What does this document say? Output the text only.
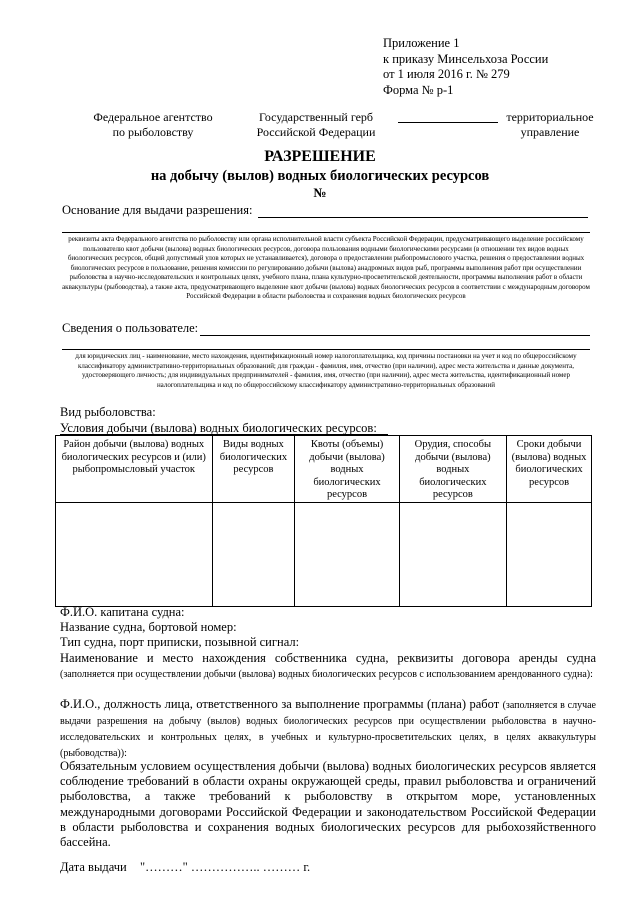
Приложение 1
к приказу Минсельхоза России
от 1 июля 2016 г. № 279
Форма № р-1
Федеральное агентство
по рыболовству
Государственный герб
Российской Федерации
территориальное
управление
РАЗРЕШЕНИЕ
на добычу (вылов) водных биологических ресурсов
№
Основание для выдачи разрешения:
реквизиты акта Федерального агентства по рыболовству или органа исполнительной власти субъекта Российской Федерации, предусматривающего выделение российскому пользователю квот добычи (вылова) водных биологических ресурсов, договора пользования водными биологическими ресурсами (в отношении тех видов водных биологических ресурсов, общий допустимый улов которых не устанавливается), договора о предоставлении рыбопромыслового участка, решения о предоставлении водных биологических ресурсов в пользование, решения комиссии по регулированию добычи (вылова) анадромных видов рыб, программы выполнения работ при осуществлении рыболовства в научно-исследовательских и контрольных целях, учебного плана, плана культурно-просветительской деятельности, программы выполнения работ в области аквакультуры (рыбоводства), а также акта, предусматривающего выделение квот добычи (вылова) водных биологических ресурсов в соответствии с международным договором Российской Федерации в области рыболовства и сохранения водных биологических ресурсов
Сведения о пользователе:
для юридических лиц - наименование, место нахождения, идентификационный номер налогоплательщика, код причины постановки на учет и код по общероссийскому классификатору административно-территориальных образований; для граждан - фамилия, имя, отчество (при наличии), адрес места жительства и данные документа, удостоверяющего личность; для индивидуальных предпринимателей - фамилия, имя, отчество (при наличии), адрес места жительства, идентификационный номер налогоплательщика и код по общероссийскому классификатору административно-территориальных образований
Вид рыболовства:
Условия добычи (вылова) водных биологических ресурсов:
Район добычи (вылова) водных биологических ресурсов и (или) рыбопромысловый участок	Виды водных биологических ресурсов	Квоты (объемы) добычи (вылова) водных биологических ресурсов	Орудия, способы добычи (вылова) водных биологических ресурсов	Сроки добычи (вылова) водных биологических ресурсов

Ф.И.О. капитана судна:
Название судна, бортовой номер:
Тип судна, порт приписки, позывной сигнал:
Наименование и место нахождения собственника судна, реквизиты договора аренды судна (заполняется при осуществлении добычи (вылова) водных биологических ресурсов с использованием арендованного судна):
Ф.И.О., должность лица, ответственного за выполнение программы (плана) работ (заполняется в случае выдачи разрешения на добычу (вылов) водных биологических ресурсов при осуществлении рыболовства в научно-исследовательских и контрольных целях, в учебных и культурно-просветительских целях, в целях аквакультуры (рыбоводства)):
Обязательным условием осуществления добычи (вылова) водных биологических ресурсов является соблюдение требований в области охраны окружающей среды, правил рыболовства и ограничений рыболовства, а также требований к рыболовству в открытом море, установленных международными договорами Российской Федерации и законодательством Российской Федерации в области рыболовства и сохранения водных биологических ресурсов для рыбохозяйственного бассейна.
Дата выдачи "………" …………….. ……… г.
